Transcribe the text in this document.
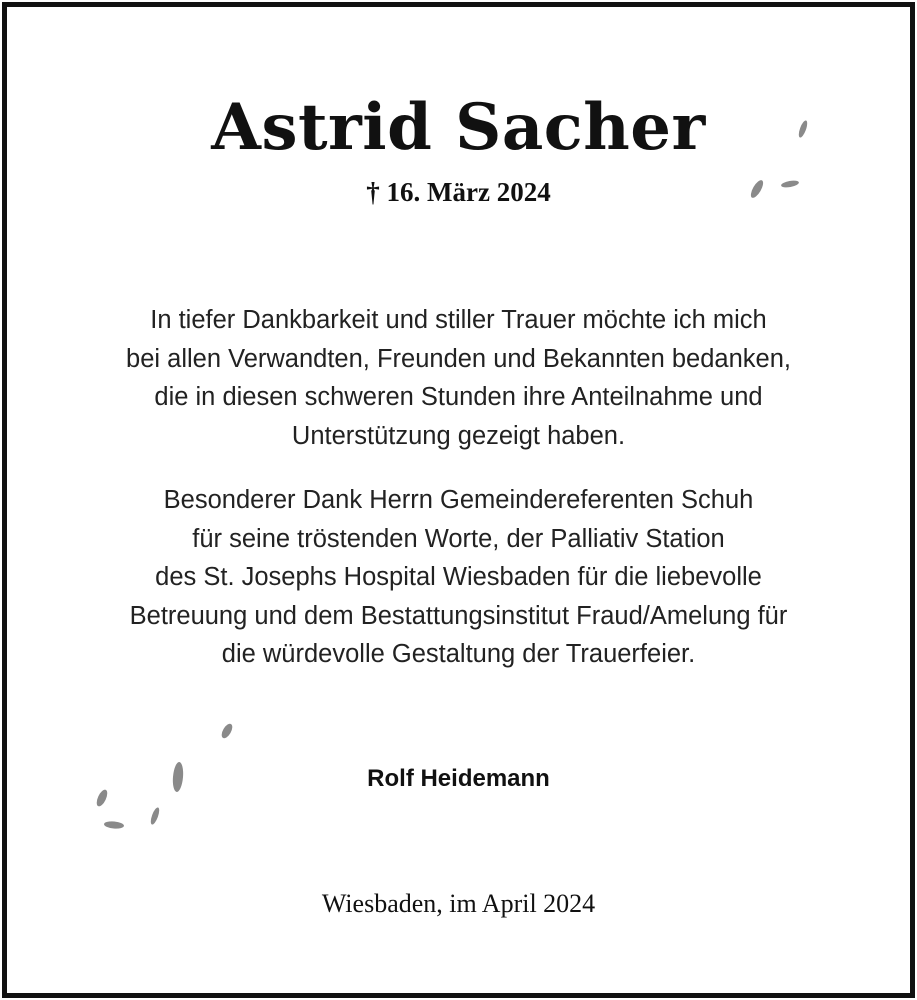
Astrid Sacher
† 16. März 2024
In tiefer Dankbarkeit und stiller Trauer möchte ich mich
bei allen Verwandten, Freunden und Bekannten bedanken,
die in diesen schweren Stunden ihre Anteilnahme und
Unterstützung gezeigt haben.
Besonderer Dank Herrn Gemeindereferenten Schuh
für seine tröstenden Worte, der Palliativ Station
des St. Josephs Hospital Wiesbaden für die liebevolle
Betreuung und dem Bestattungsinstitut Fraud/Amelung für
die würdevolle Gestaltung der Trauerfeier.
Rolf Heidemann
Wiesbaden, im April 2024
